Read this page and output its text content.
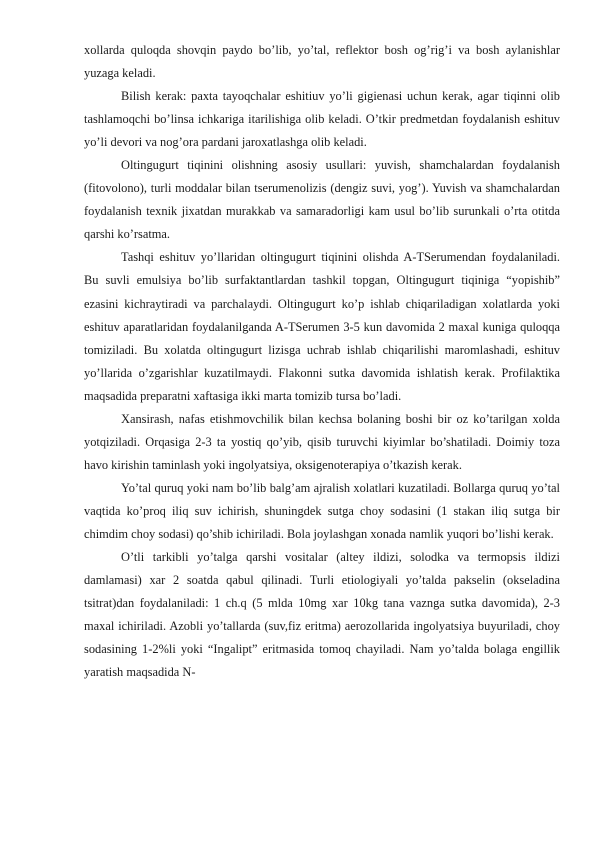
xollarda quloqda shovqin paydo bo’lib, yo’tal, reflektor bosh og’rig’i va bosh aylanishlar yuzaga keladi.

Bilish kerak: paxta tayoqchalar eshitiuv yo’li gigienasi uchun kerak, agar tiqinni olib tashlamoqchi bo’linsa ichkariga itarilishiga olib keladi. O’tkir predmetdan foydalanish eshituv yo’li devori va nog’ora pardani jaroxatlashga olib keladi.

Oltingugurt tiqinini olishning asosiy usullari: yuvish, shamchalardan foydalanish (fitovolono), turli moddalar bilan tserumenolizis (dengiz suvi, yog’). Yuvish va shamchalardan foydalanish texnik jixatdan murakkab va samaradorligi kam usul bo’lib surunkali o’rta otitda qarshi ko’rsatma.

Tashqi eshituv yo’llaridan oltingugurt tiqinini olishda A-TSerumendan foydalaniladi. Bu suvli emulsiya bo’lib surfaktantlardan tashkil topgan, Oltingugurt tiqiniga “yopishib” ezasini kichraytiradi va parchalaydi. Oltingugurt ko’p ishlab chiqariladigan xolatlarda yoki eshituv aparatlaridan foydalanilganda A-TSerumen 3-5 kun davomida 2 maxal kuniga quloqqa tomiziladi. Bu xolatda oltingugurt lizisga uchrab ishlab chiqarilishi maromlashadi, eshituv yo’llarida o’zgarishlar kuzatilmaydi. Flakonni sutka davomida ishlatish kerak. Profilaktika maqsadida preparatni xaftasiga ikki marta tomizib tursa bo’ladi.

Xansirash, nafas etishmovchilik bilan kechsa bolaning boshi bir oz ko’tarilgan xolda yotqiziladi. Orqasiga 2-3 ta yostiq qo’yib, qisib turuvchi kiyimlar bo’shatiladi. Doimiy toza havo kirishin taminlash yoki ingolyatsiya, oksigenoterapiya o’tkazish kerak.

Yo’tal quruq yoki nam bo’lib balg’am ajralish xolatlari kuzatiladi. Bollarga quruq yo’tal vaqtida ko’proq iliq suv ichirish, shuningdek sutga choy sodasini (1 stakan iliq sutga bir chimdim choy sodasi) qo’shib ichiriladi. Bola joylashgan xonada namlik yuqori bo’lishi kerak.

O’tli tarkibli yo’talga qarshi vositalar (altey ildizi, solodka va termopsis ildizi damlamasi) xar 2 soatda qabul qilinadi. Turli etiologiyali yo’talda pakselin (okseladina tsitrat)dan foydalaniladi: 1 ch.q (5 mlda 10mg xar 10kg tana vaznga sutka davomida), 2-3 maxal ichiriladi. Azobli yo’tallarda (suv,fiz eritma) aerozollarida ingolyatsiya buyuriladi, choy sodasining 1-2%li yoki “Ingalipt” eritmasida tomoq chayiladi. Nam yo’talda bolaga engillik yaratish maqsadida N-
